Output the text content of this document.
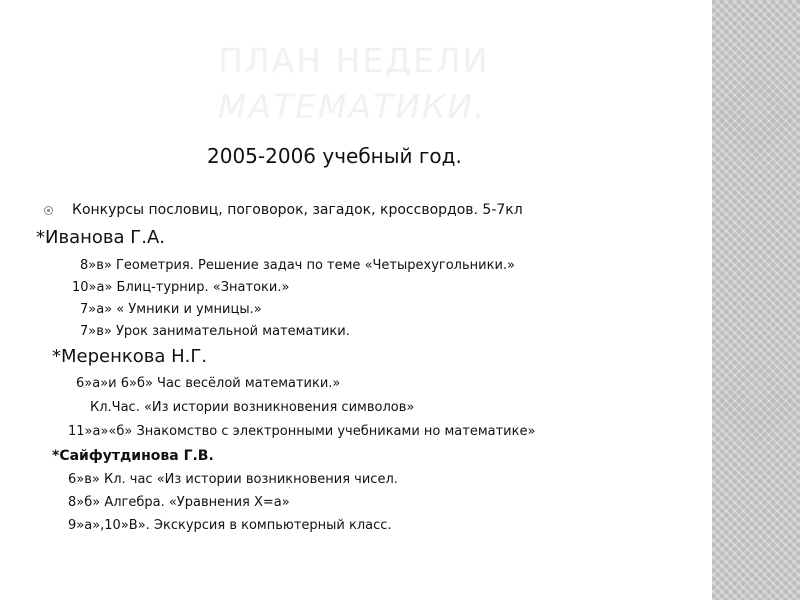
ПЛАН НЕДЕЛИ
МАТЕМАТИКИ.

2005-2006 учебный год.

Конкурсы пословиц, поговорок, загадок, кроссвордов. 5-7кл

*Иванова Г.А.

8»в» Геометрия. Решение задач по теме «Четырехугольники.»

10»а» Блиц-турнир. «Знатоки.»

7»а» « Умники и умницы.»

7»в» Урок занимательной математики.

*Меренкова Н.Г.

6»а»и 6»б» Час весёлой математики.»

Кл.Час. «Из истории возникновения символов»

11»а»«б» Знакомство с электронными учебниками но математике»

*Сайфутдинова Г.В.

6»в» Кл. час «Из истории возникновения чисел.

8»б» Алгебра. «Уравнения Х=а»

9»а»,10»В». Экскурсия в компьютерный класс.
